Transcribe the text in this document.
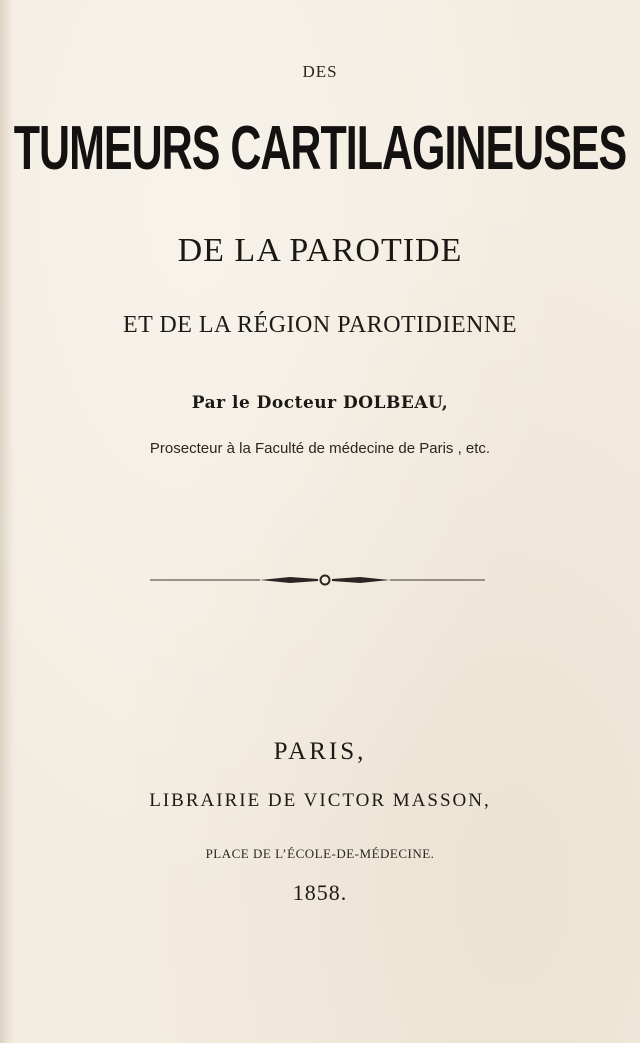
DES
TUMEURS CARTILAGINEUSES
DE LA PAROTIDE
ET DE LA RÉGION PAROTIDIENNE
Par le Docteur DOLBEAU,
Prosecteur à la Faculté de médecine de Paris , etc.
PARIS,
LIBRAIRIE DE VICTOR MASSON,
PLACE DE L’ÉCOLE-DE-MÉDECINE.
1858.
